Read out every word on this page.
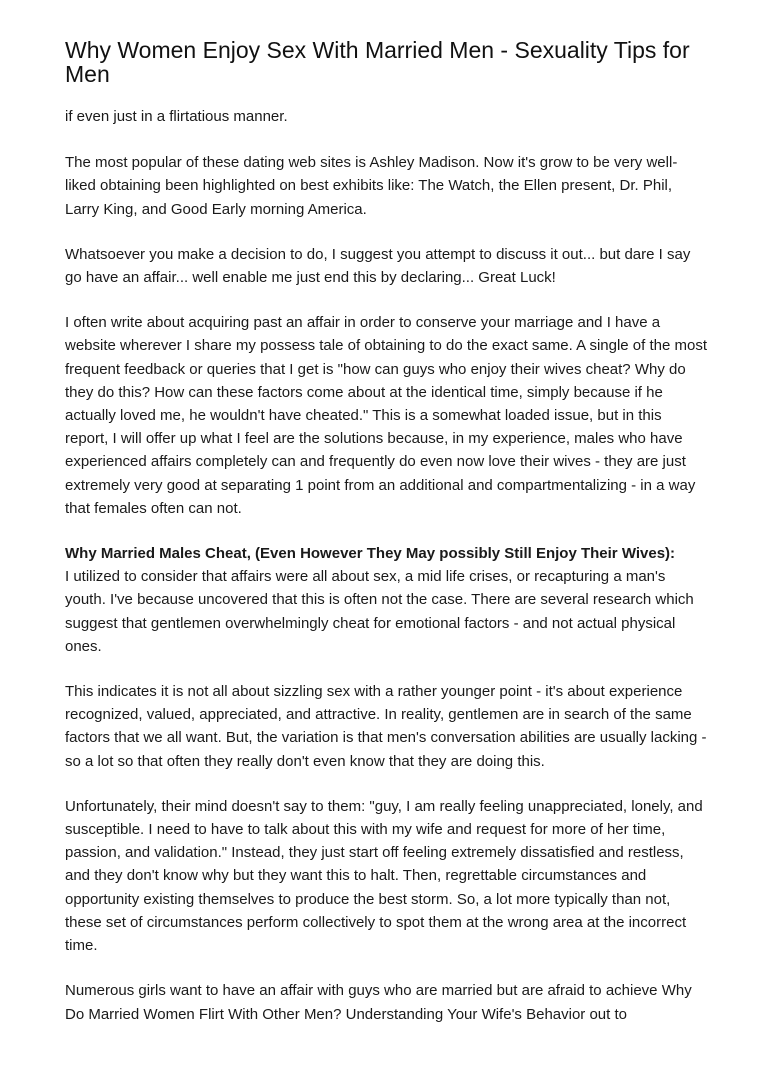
Why Women Enjoy Sex With Married Men - Sexuality Tips for Men

if even just in a flirtatious manner.

The most popular of these dating web sites is Ashley Madison. Now it's grow to be very well-liked obtaining been highlighted on best exhibits like: The Watch, the Ellen present, Dr. Phil, Larry King, and Good Early morning America.

Whatsoever you make a decision to do, I suggest you attempt to discuss it out... but dare I say go have an affair... well enable me just end this by declaring... Great Luck!

I often write about acquiring past an affair in order to conserve your marriage and I have a website wherever I share my possess tale of obtaining to do the exact same. A single of the most frequent feedback or queries that I get is "how can guys who enjoy their wives cheat? Why do they do this? How can these factors come about at the identical time, simply because if he actually loved me, he wouldn't have cheated." This is a somewhat loaded issue, but in this report, I will offer up what I feel are the solutions because, in my experience, males who have experienced affairs completely can and frequently do even now love their wives - they are just extremely very good at separating 1 point from an additional and compartmentalizing - in a way that females often can not.

Why Married Males Cheat, (Even However They May possibly Still Enjoy Their Wives):
I utilized to consider that affairs were all about sex, a mid life crises, or recapturing a man's youth. I've because uncovered that this is often not the case. There are several research which suggest that gentlemen overwhelmingly cheat for emotional factors - and not actual physical ones.

This indicates it is not all about sizzling sex with a rather younger point - it's about experience recognized, valued, appreciated, and attractive. In reality, gentlemen are in search of the same factors that we all want. But, the variation is that men's conversation abilities are usually lacking - so a lot so that often they really don't even know that they are doing this.

Unfortunately, their mind doesn't say to them: "guy, I am really feeling unappreciated, lonely, and susceptible. I need to have to talk about this with my wife and request for more of her time, passion, and validation." Instead, they just start off feeling extremely dissatisfied and restless, and they don't know why but they want this to halt. Then, regrettable circumstances and opportunity existing themselves to produce the best storm. So, a lot more typically than not, these set of circumstances perform collectively to spot them at the wrong area at the incorrect time.

Numerous girls want to have an affair with guys who are married but are afraid to achieve Why Do Married Women Flirt With Other Men? Understanding Your Wife's Behavior out to
